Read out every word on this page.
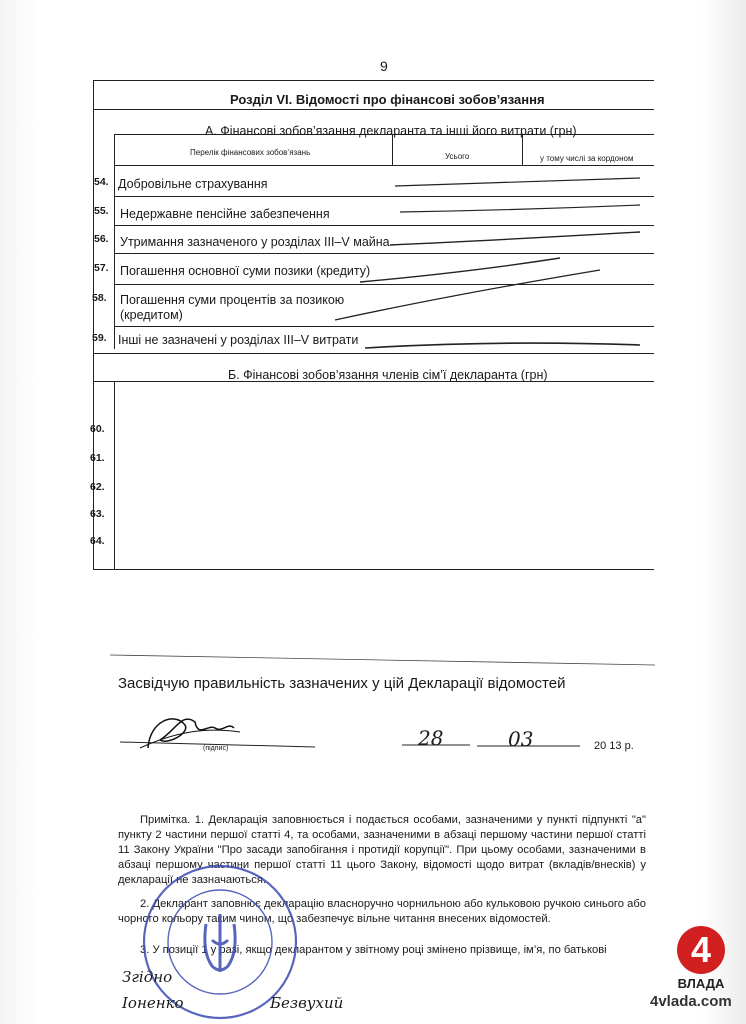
9
Розділ VI. Відомості про фінансові зобов’язання
А. Фінансові зобов’язання декларанта та інші його витрати (грн)
Перелік фінансових зобов’язань	Усього	у тому числі за кордоном
54. Добровільне страхування
55. Недержавне пенсійне забезпечення
56. Утримання зазначеного у розділах III–V майна
57. Погашення основної суми позики (кредиту)
58. Погашення суми процентів за позикою (кредитом)
59. Інші не зазначені у розділах III–V витрати
Б. Фінансові зобов’язання членів сім’ї декларанта (грн)
60.
61.
62.
63.
64.
Засвідчую правильність зазначених у цій Декларації відомостей
(підпис)	28	03	20 13 р.
Примітка. 1. Декларація заповнюється і подається особами, зазначеними у пункті підпункті "а" пункту 2 частини першої статті 4, та особами, зазначеними в абзаці першому частини першої статті 11 Закону України "Про засади запобігання і протидії корупції". При цьому особами, зазначеними в абзаці першому частини першої статті 11 цього Закону, відомості щодо витрат (вкладів/внесків) у декларації не зазначаються.
2. Декларант заповнює декларацію власноручно чорнильною або кульковою ручкою синього або чорного кольору таким чином, що забезпечує вільне читання внесених відомостей.
3. У позиції 1 у разі, якщо декларантом у звітному році змінено прізвище, ім’я, по батькові
Згідно
Іоненко	Безвухий
4
ВЛАДА
4vlada.com
